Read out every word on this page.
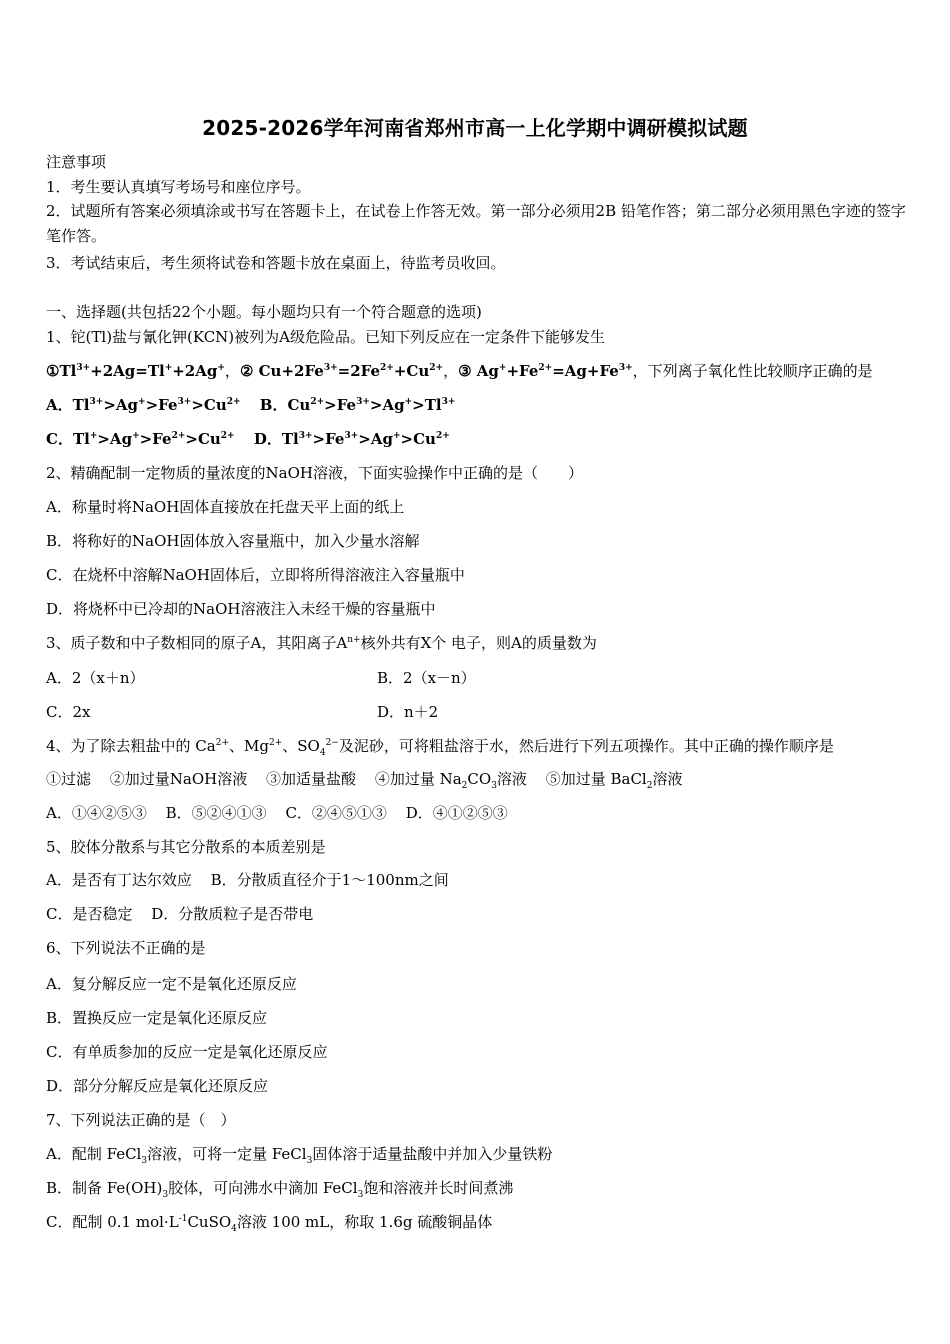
2025-2026学年河南省郑州市高一上化学期中调研模拟试题
注意事项
1．考生要认真填写考场号和座位序号。
2．试题所有答案必须填涂或书写在答题卡上，在试卷上作答无效。第一部分必须用2B 铅笔作答；第二部分必须用黑色字迹的签字笔作答。
3．考试结束后，考生须将试卷和答题卡放在桌面上，待监考员收回。
一、选择题(共包括22个小题。每小题均只有一个符合题意的选项)
1、铊(Tl)盐与氰化钾(KCN)被列为A级危险品。已知下列反应在一定条件下能够发生
$①Tl^{3+}+2Ag=Tl^++2Ag^+$，② $Cu+2Fe^{3+}=2Fe^{2+}+Cu^{2+}$，③ $Ag^++Fe^{2+}=Ag+Fe^{3+}$，下列离子氧化性比较顺序正确的是
A．$Tl^{3+}>Ag^+>Fe^{3+}>Cu^{2+}$ B．$Cu^{2+}>Fe^{3+}>Ag^+>Tl^{3+}$
C．$Tl^+>Ag^+>Fe^{2+}>Cu^{2+}$ D．$Tl^{3+}>Fe^{3+}>Ag^+>Cu^{2+}$
2、精确配制一定物质的量浓度的NaOH溶液，下面实验操作中正确的是（　　）
A．称量时将NaOH固体直接放在托盘天平上面的纸上
B．将称好的NaOH固体放入容量瓶中，加入少量水溶解
C．在烧杯中溶解NaOH固体后，立即将所得溶液注入容量瓶中
D．将烧杯中已冷却的NaOH溶液注入未经干燥的容量瓶中
3、质子数和中子数相同的原子A，其阳离子$A^{n+}$核外共有X个 电子，则A的质量数为
A．2（x＋n）	B．2（x－n）
C．2x	D．n＋2
4、为了除去粗盐中的 $Ca^{2+}$、$Mg^{2+}$、$SO_4^{2-}$及泥砂，可将粗盐溶于水，然后进行下列五项操作。其中正确的操作顺序是
①过滤 ②加过量NaOH溶液 ③加适量盐酸 ④加过量 $Na_2CO_3$溶液 ⑤加过量 BaCl$_2$溶液
A．①④②⑤③ B．⑤②④①③ C．②④⑤①③ D．④①②⑤③
5、胶体分散系与其它分散系的本质差别是
A．是否有丁达尔效应 B．分散质直径介于1～100nm之间
C．是否稳定 D．分散质粒子是否带电
6、下列说法不正确的是
A．复分解反应一定不是氧化还原反应
B．置换反应一定是氧化还原反应
C．有单质参加的反应一定是氧化还原反应
D．部分分解反应是氧化还原反应
7、下列说法正确的是（　）
A．配制 FeCl$_3$溶液，可将一定量 FeCl$_3$固体溶于适量盐酸中并加入少量铁粉
B．制备 $Fe(OH)_3$胶体，可向沸水中滴加 FeCl$_3$饱和溶液并长时间煮沸
C．配制 0.1 $mol\cdot L^{-1}CuSO_4$溶液 100 mL，称取 1.6g 硫酸铜晶体
